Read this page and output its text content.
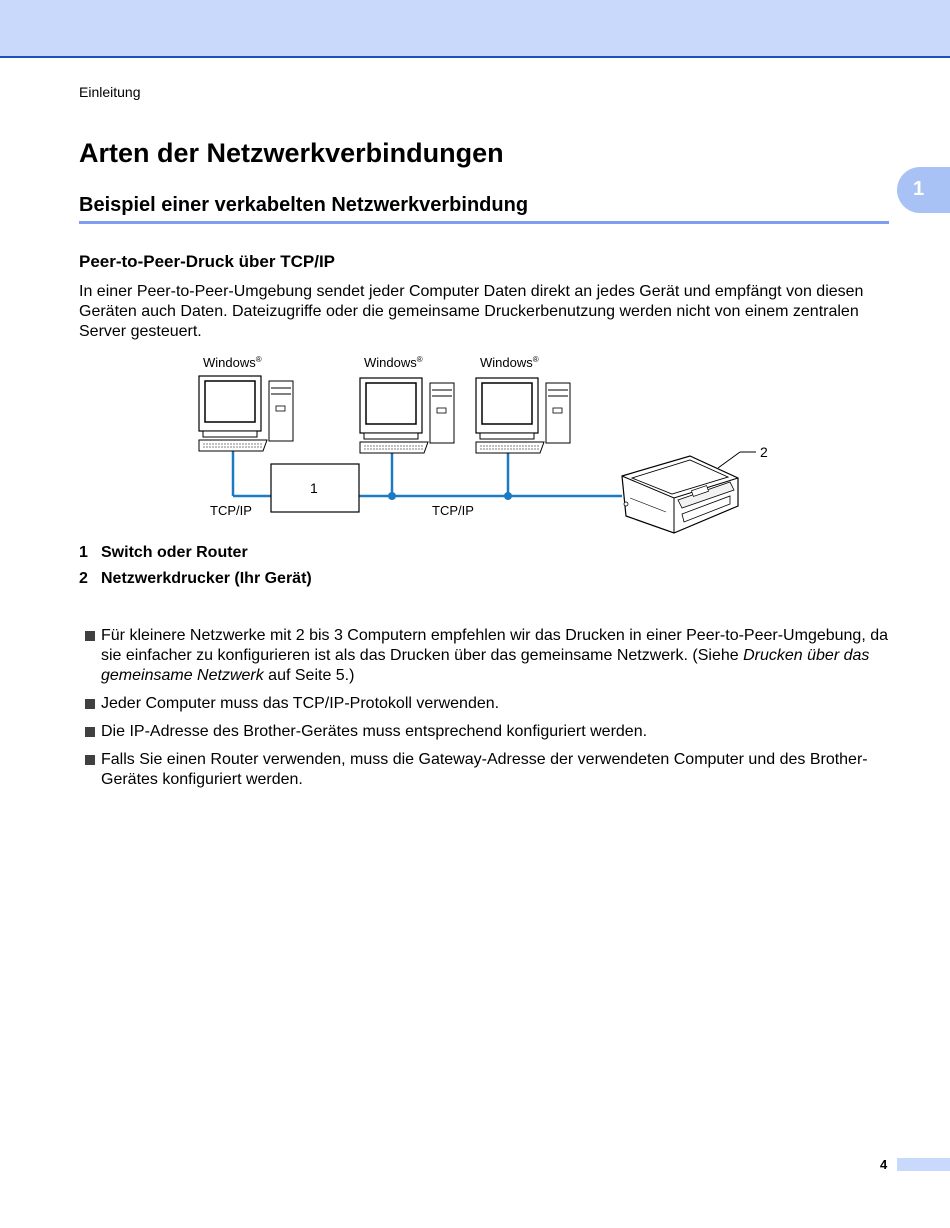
Einleitung
1
Arten der Netzwerkverbindungen
Beispiel einer verkabelten Netzwerkverbindung
Peer-to-Peer-Druck über TCP/IP

In einer Peer-to-Peer-Umgebung sendet jeder Computer Daten direkt an jedes Gerät und empfängt von diesen Geräten auch Daten. Dateizugriffe oder die gemeinsame Druckerbenutzung werden nicht von einem zentralen Server gesteuert.

Windows®	Windows®	Windows®
1
TCP/IP	TCP/IP
2
1 Switch oder Router
2 Netzwerkdrucker (Ihr Gerät)
Für kleinere Netzwerke mit 2 bis 3 Computern empfehlen wir das Drucken in einer Peer-to-Peer-Umgebung, da sie einfacher zu konfigurieren ist als das Drucken über das gemeinsame Netzwerk. (Siehe Drucken über das gemeinsame Netzwerk auf Seite 5.)
Jeder Computer muss das TCP/IP-Protokoll verwenden.
Die IP-Adresse des Brother-Gerätes muss entsprechend konfiguriert werden.
Falls Sie einen Router verwenden, muss die Gateway-Adresse der verwendeten Computer und des Brother-Gerätes konfiguriert werden.
4
